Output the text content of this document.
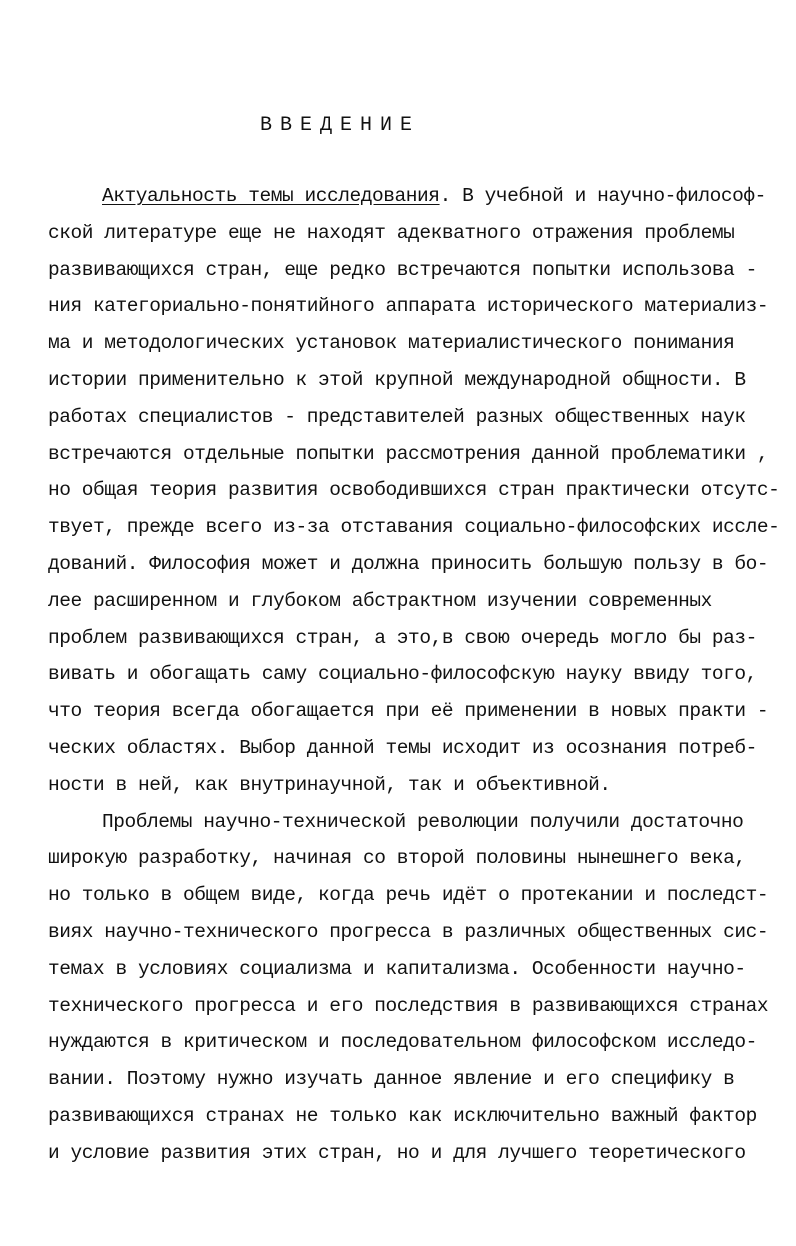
ВВЕДЕНИЕ
Актуальность темы исследования. В учебной и научно-философ-
ской литературе еще не находят адекватного отражения проблемы
развивающихся стран, еще редко встречаются попытки использова -
ния категориально-понятийного аппарата исторического материализ-
ма и методологических установок материалистического понимания
истории применительно к этой крупной международной общности. В
работах специалистов - представителей разных общественных наук
встречаются отдельные попытки рассмотрения данной проблематики ,
но общая теория развития освободившихся стран практически отсутс-
твует, прежде всего из-за отставания социально-философских иссле-
дований. Философия может и должна приносить большую пользу в бо-
лее расширенном и глубоком абстрактном изучении современных
проблем развивающихся стран, а это,в свою очередь могло бы раз-
вивать и обогащать саму социально-философскую науку ввиду того,
что теория всегда обогащается при её применении в новых практи -
ческих областях. Выбор данной темы исходит из осознания потреб-
ности в ней, как внутринаучной, так и объективной.
Проблемы научно-технической революции получили достаточно
широкую разработку, начиная со второй половины нынешнего века,
но только в общем виде, когда речь идёт о протекании и последст-
виях научно-технического прогресса в различных общественных сис-
темах в условиях социализма и капитализма. Особенности научно-
технического прогресса и его последствия в развивающихся странах
нуждаются в критическом и последовательном философском исследо-
вании. Поэтому нужно изучать данное явление и его специфику в
развивающихся странах не только как исключительно важный фактор
и условие развития этих стран, но и для лучшего теоретического
